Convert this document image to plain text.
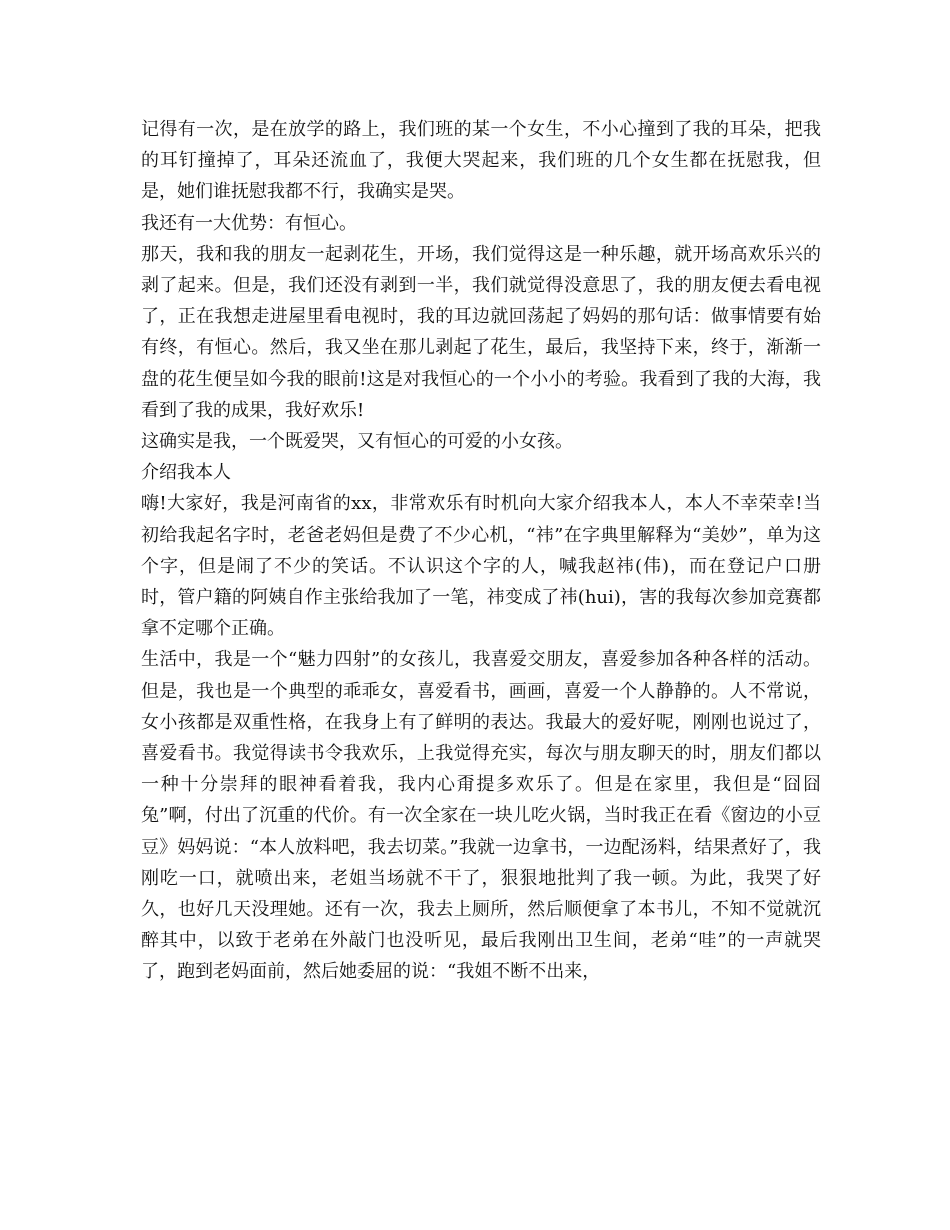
记得有一次，是在放学的路上，我们班的某一个女生，不小心撞到了我的耳朵，把我的耳钉撞掉了，耳朵还流血了，我便大哭起来，我们班的几个女生都在抚慰我，但是，她们谁抚慰我都不行，我确实是哭。

我还有一大优势：有恒心。

那天，我和我的朋友一起剥花生，开场，我们觉得这是一种乐趣，就开场高欢乐兴的剥了起来。但是，我们还没有剥到一半，我们就觉得没意思了，我的朋友便去看电视了，正在我想走进屋里看电视时，我的耳边就回荡起了妈妈的那句话：做事情要有始有终，有恒心。然后，我又坐在那儿剥起了花生，最后，我坚持下来，终于，渐渐一盘的花生便呈如今我的眼前!这是对我恒心的一个小小的考验。我看到了我的大海，我看到了我的成果，我好欢乐!

这确实是我，一个既爱哭，又有恒心的可爱的小女孩。

介绍我本人

嗨!大家好，我是河南省的xx，非常欢乐有时机向大家介绍我本人，本人不幸荣幸!当初给我起名字时，老爸老妈但是费了不少心机，“祎”在字典里解释为“美妙”，单为这个字，但是闹了不少的笑话。不认识这个字的人，喊我赵祎(伟)，而在登记户口册时，管户籍的阿姨自作主张给我加了一笔，祎变成了祎(hui)，害的我每次参加竞赛都拿不定哪个正确。

生活中，我是一个“魅力四射”的女孩儿，我喜爱交朋友，喜爱参加各种各样的活动。但是，我也是一个典型的乖乖女，喜爱看书，画画，喜爱一个人静静的。人不常说，女小孩都是双重性格，在我身上有了鲜明的表达。我最大的爱好呢，刚刚也说过了，喜爱看书。我觉得读书令我欢乐，上我觉得充实，每次与朋友聊天的时，朋友们都以一种十分崇拜的眼神看着我，我内心甭提多欢乐了。但是在家里，我但是“囧囧兔”啊，付出了沉重的代价。有一次全家在一块儿吃火锅，当时我正在看《窗边的小豆豆》妈妈说：“本人放料吧，我去切菜。”我就一边拿书，一边配汤料，结果煮好了，我刚吃一口，就喷出来，老姐当场就不干了，狠狠地批判了我一顿。为此，我哭了好久，也好几天没理她。还有一次，我去上厕所，然后顺便拿了本书儿，不知不觉就沉醉其中，以致于老弟在外敲门也没听见，最后我刚出卫生间，老弟“哇”的一声就哭了，跑到老妈面前，然后她委屈的说：“我姐不断不出来，
